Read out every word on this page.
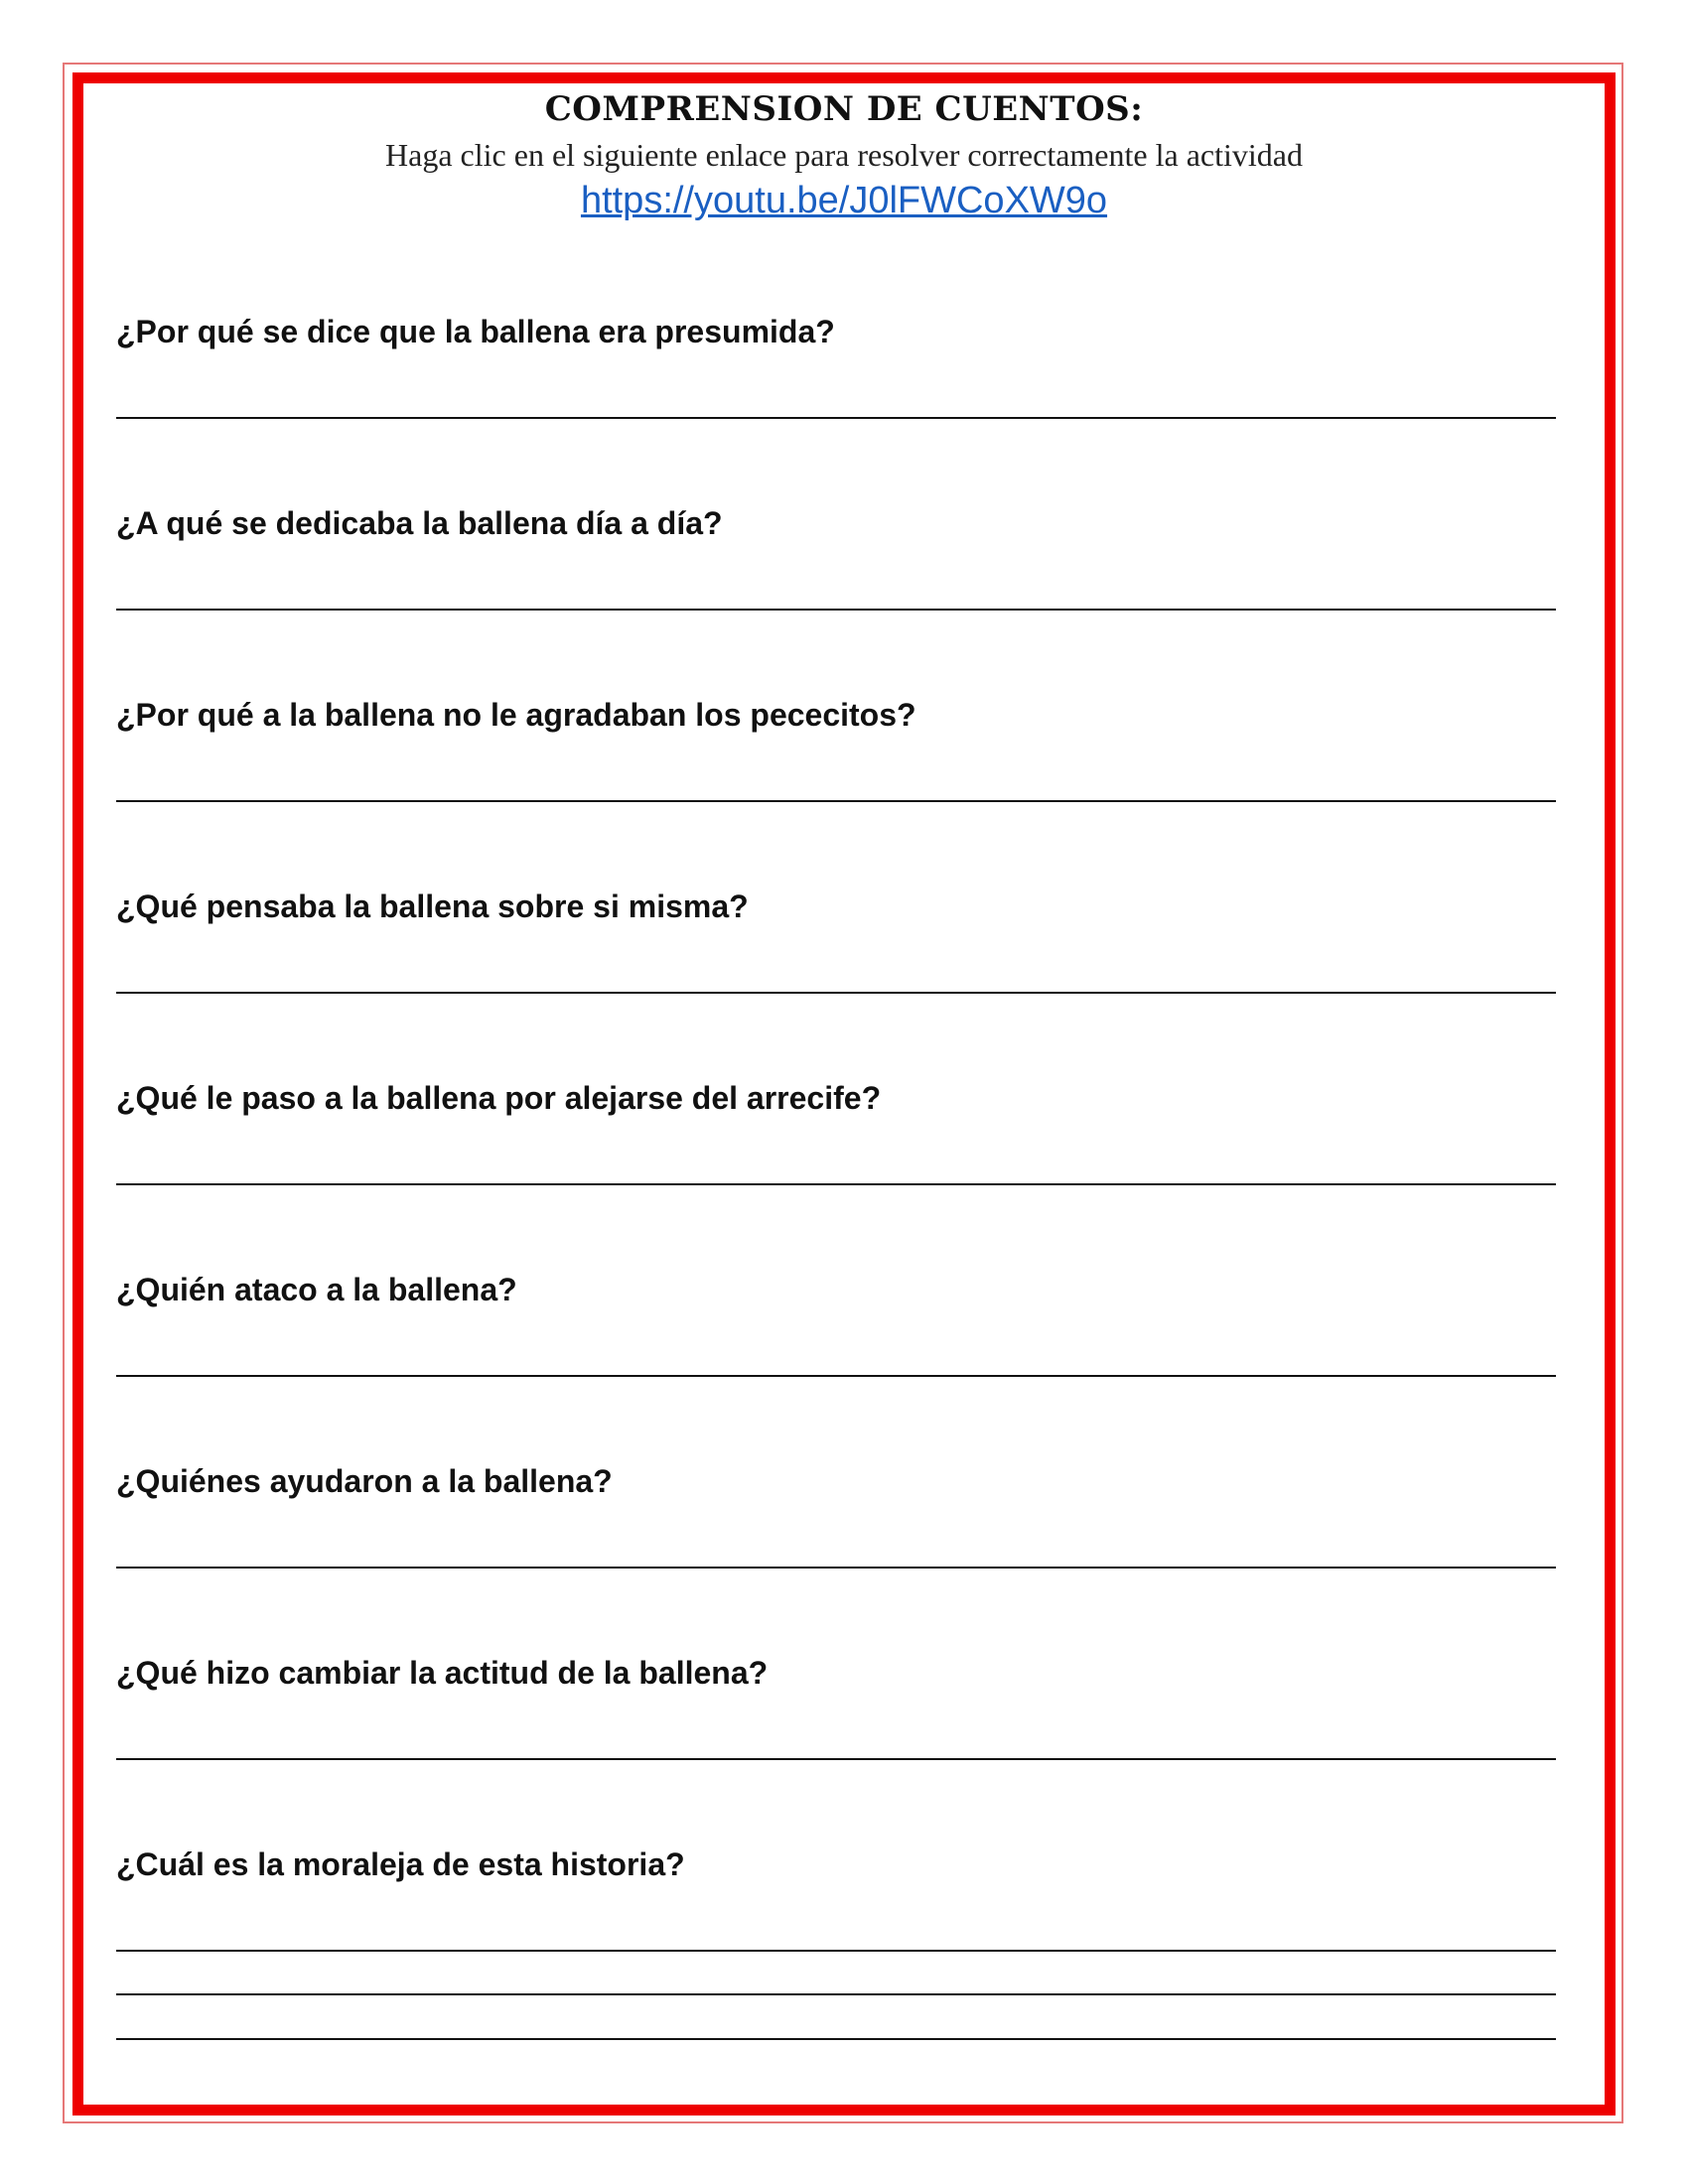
COMPRENSION DE CUENTOS:
Haga clic en el siguiente enlace para resolver correctamente la actividad
https://youtu.be/J0lFWCoXW9o
¿Por qué se dice que la ballena era presumida?
¿A qué se dedicaba la ballena día a día?
¿Por qué a la ballena no le agradaban los pececitos?
¿Qué pensaba la ballena sobre si misma?
¿Qué le paso a la ballena por alejarse del arrecife?
¿Quién ataco a la ballena?
¿Quiénes ayudaron a la ballena?
¿Qué hizo cambiar la actitud de la ballena?
¿Cuál es la moraleja de esta historia?
